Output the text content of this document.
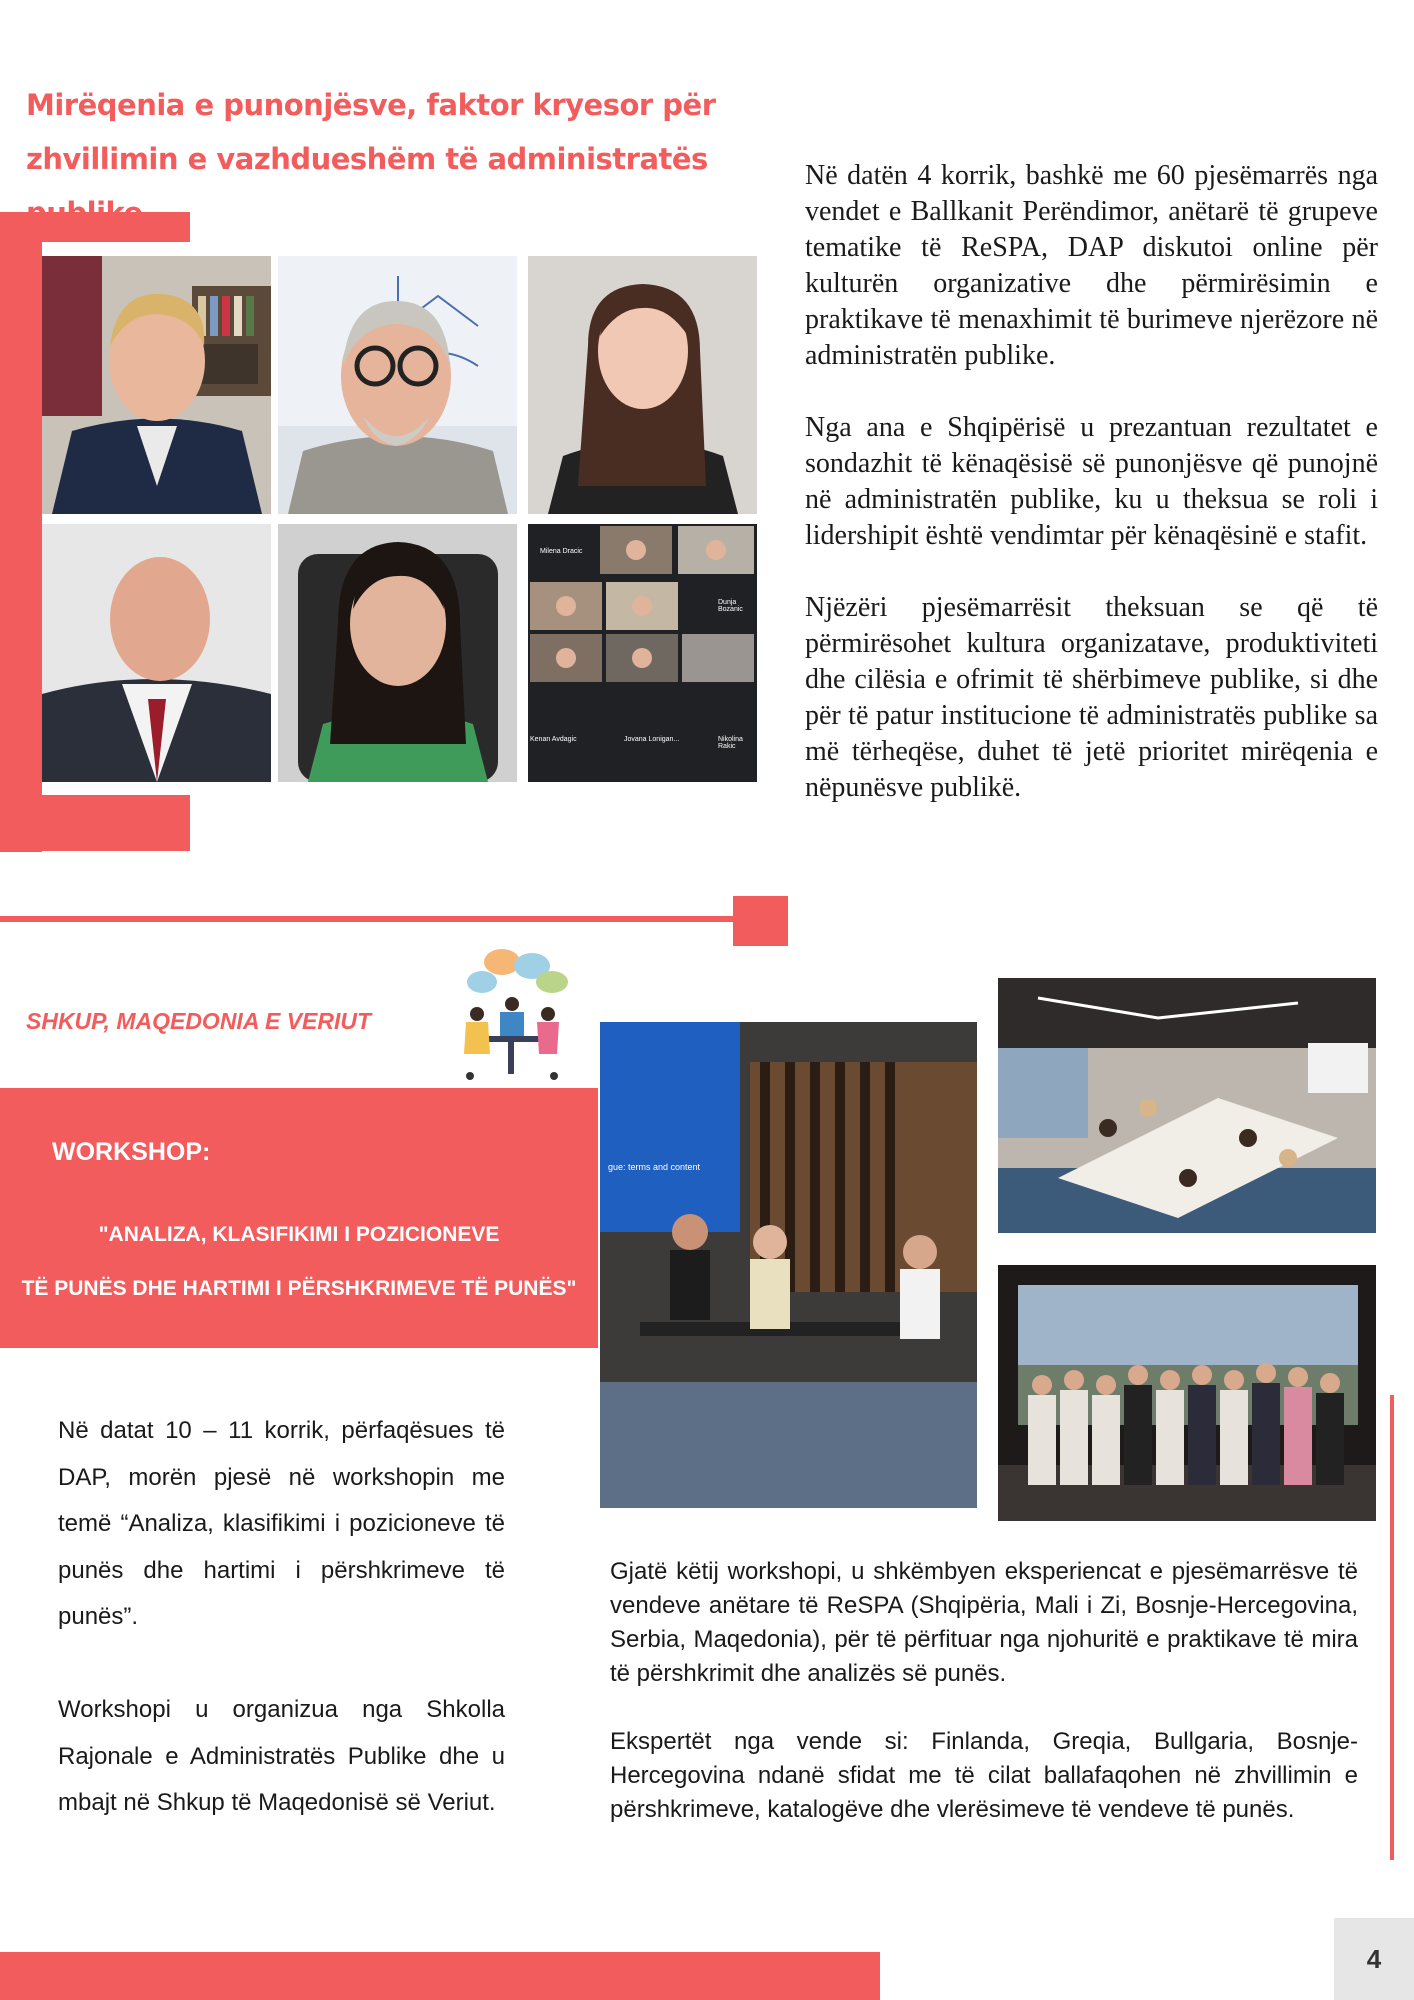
Mirëqenia e punonjësve, faktor kryesor për
zhvillimin e vazhdueshëm të administratës
Milena Dracic
Dunja Bozanic
Kenan Avdagic	Jovana Lonigan...	Nikolina Rakic

Në datën 4 korrik, bashkë me 60 pjesëmarrës nga vendet e Ballkanit Perëndimor, anëtarë të grupeve tematike të ReSPA, DAP diskutoi online për kulturën organizative dhe përmirësimin e praktikave të menaxhimit të burimeve njerëzore në administratën publike.

Nga ana e Shqipërisë u prezantuan rezultatet e sondazhit të kënaqësisë së punonjësve që punojnë në administratën publike, ku u theksua se roli i lidershipit është vendimtar për kënaqësinë e stafit.

Njëzëri pjesëmarrësit theksuan se që të përmirësohet kultura organizatave, produktiviteti dhe cilësia e ofrimit të shërbimeve publike, si dhe për të patur institucione të administratës publike sa më tërheqëse, duhet të jetë prioritet mirëqenia e nëpunësve publikë.

SHKUP, MAQEDONIA E VERIUT
WORKSHOP:
"ANALIZA, KLASIFIKIMI I POZICIONEVE
TË PUNËS DHE HARTIMI I PËRSHKRIMEVE TË PUNËS"
gue: terms and content

Në datat 10 – 11 korrik, përfaqësues të DAP, morën pjesë në workshopin me temë “Analiza, klasifikimi i pozicioneve të punës dhe hartimi i përshkrimeve të punës”.

Workshopi u organizua nga Shkolla Rajonale e Administratës Publike dhe u mbajt në Shkup të Maqedonisë së Veriut.

Gjatë këtij workshopi, u shkëmbyen eksperiencat e pjesëmarrësve të vendeve anëtare të ReSPA (Shqipëria, Mali i Zi, Bosnje-Hercegovina, Serbia, Maqedonia), për të përfituar nga njohuritë e praktikave të mira të përshkrimit dhe analizës së punës.

Ekspertët nga vende si: Finlanda, Greqia, Bullgaria, Bosnje-Hercegovina ndanë sfidat me të cilat ballafaqohen në zhvillimin e përshkrimeve, katalogëve dhe vlerësimeve të vendeve të punës.

4
